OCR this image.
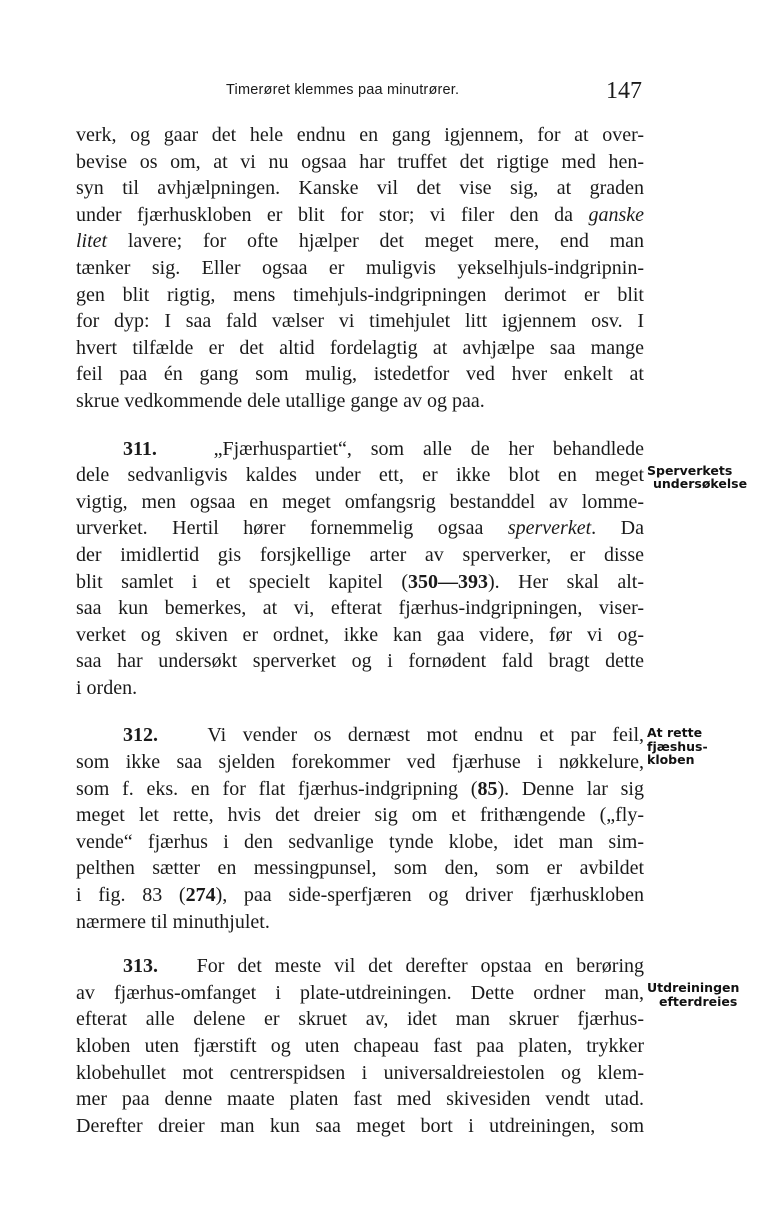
Timerøret klemmes paa minutrører.	147
verk, og gaar det hele endnu en gang igjennem, for at over-
bevise os om, at vi nu ogsaa har truffet det rigtige med hen-
syn til avhjælpningen. Kanske vil det vise sig, at graden
under fjærhuskloben er blit for stor; vi filer den da ganske
litet lavere; for ofte hjælper det meget mere, end man
tænker sig. Eller ogsaa er muligvis yekselhjuls-indgripnin-
gen blit rigtig, mens timehjuls-indgripningen derimot er blit
for dyp: I saa fald vælser vi timehjulet litt igjennem osv. I
hvert tilfælde er det altid fordelagtig at avhjælpe saa mange
feil paa én gang som mulig, istedetfor ved hver enkelt at
skrue vedkommende dele utallige gange av og paa.
311.	„Fjærhuspartiet“, som alle de her behandlede
dele sedvanligvis kaldes under ett, er ikke blot en meget
vigtig, men ogsaa en meget omfangsrig bestanddel av lomme-
urverket. Hertil hører fornemmelig ogsaa sperverket. Da
der imidlertid gis forsjkellige arter av sperverker, er disse
blit samlet i et specielt kapitel (350—393). Her skal alt-
saa kun bemerkes, at vi, efterat fjærhus-indgripningen, viser-
verket og skiven er ordnet, ikke kan gaa videre, før vi og-
saa har undersøkt sperverket og i fornødent fald bragt dette
i orden.
Sperverkets
undersøkelse
312. Vi vender os dernæst mot endnu et par feil,
som ikke saa sjelden forekommer ved fjærhuse i nøkkelure,
som f. eks. en for flat fjærhus-indgripning (85). Denne lar sig
meget let rette, hvis det dreier sig om et frithængende („fly-
vende“ fjærhus i den sedvanlige tynde klobe, idet man sim-
pelthen sætter en messingpunsel, som den, som er avbildet
i fig. 83 (274), paa side-sperfjæren og driver fjærhuskloben
nærmere til minuthjulet.
At rette
fjæshus-
kloben
313. For det meste vil det derefter opstaa en berøring
av fjærhus-omfanget i plate-utdreiningen. Dette ordner man,
efterat alle delene er skruet av, idet man skruer fjærhus-
kloben uten fjærstift og uten chapeau fast paa platen, trykker
klobehullet mot centrerspidsen i universaldreiestolen og klem-
mer paa denne maate platen fast med skivesiden vendt utad.
Derefter dreier man kun saa meget bort i utdreiningen, som
Utdreiningen
efterdreies
